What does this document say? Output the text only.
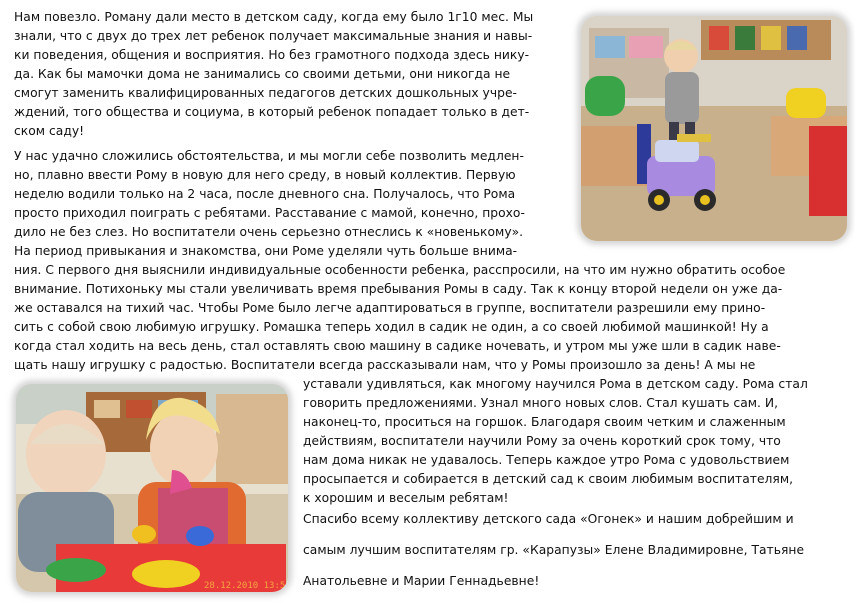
28.12.2010 13:5
Нам повезло. Роману дали место в детском саду, когда ему было 1г10 мес. Мы
знали, что с двух до трех лет ребенок получает максимальные знания и навы-
ки поведения, общения и восприятия. Но без грамотного подхода здесь нику-
да. Как бы мамочки дома не занимались со своими детьми, они никогда не
смогут заменить квалифицированных педагогов детских дошкольных учре-
ждений, того общества и социума, в который ребенок попадает только в дет-
ском саду!
У нас удачно сложились обстоятельства, и мы могли себе позволить медлен-
но, плавно ввести Рому в новую для него среду, в новый коллектив. Первую
неделю водили только на 2 часа, после дневного сна. Получалось, что Рома
просто приходил поиграть с ребятами. Расставание с мамой, конечно, прохо-
дило не без слез. Но воспитатели очень серьезно отнеслись к «новенькому».
На период привыкания и знакомства, они Роме уделяли чуть больше внима-
ния. С первого дня выяснили индивидуальные особенности ребенка, расспросили, на что им нужно обратить особое
внимание. Потихоньку мы стали увеличивать время пребывания Ромы в саду. Так к концу второй недели он уже да-
же оставался на тихий час. Чтобы Роме было легче адаптироваться в группе, воспитатели разрешили ему прино-
сить с собой свою любимую игрушку. Ромашка теперь ходил в садик не один, а со своей любимой машинкой! Ну а
когда стал ходить на весь день, стал оставлять свою машину в садике ночевать, и утром мы уже шли в садик наве-
щать нашу игрушку с радостью. Воспитатели всегда рассказывали нам, что у Ромы произошло за день! А мы не
уставали удивляться, как многому научился Рома в детском саду. Рома стал
говорить предложениями. Узнал много новых слов. Стал кушать сам. И,
наконец-то, проситься на горшок. Благодаря своим четким и слаженным
действиям, воспитатели научили Рому за очень короткий срок тому, что
нам дома никак не удавалось. Теперь каждое утро Рома с удовольствием
просыпается и собирается в детский сад к своим любимым воспитателям,
к хорошим и веселым ребятам!
Спасибо всему коллективу детского сада «Огонек» и нашим добрейшим и
самым лучшим воспитателям гр. «Карапузы» Елене Владимировне, Татьяне
Анатольевне и Марии Геннадьевне!
